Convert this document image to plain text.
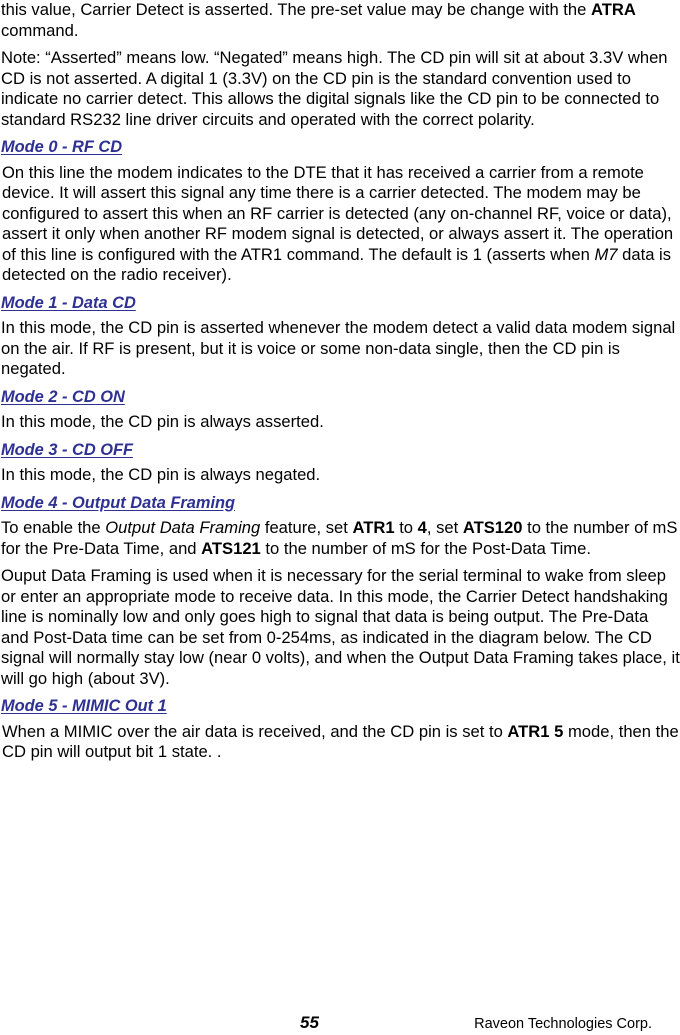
this value, Carrier Detect is asserted. The pre-set value may be change with the ATRA command.
Note: “Asserted” means low. “Negated” means high. The CD pin will sit at about 3.3V when CD is not asserted. A digital 1 (3.3V) on the CD pin is the standard convention used to indicate no carrier detect. This allows the digital signals like the CD pin to be connected to standard RS232 line driver circuits and operated with the correct polarity.
Mode 0 - RF CD
On this line the modem indicates to the DTE that it has received a carrier from a remote device. It will assert this signal any time there is a carrier detected. The modem may be configured to assert this when an RF carrier is detected (any on-channel RF, voice or data), assert it only when another RF modem signal is detected, or always assert it. The operation of this line is configured with the ATR1 command. The default is 1 (asserts when M7 data is detected on the radio receiver).
Mode 1 - Data CD
In this mode, the CD pin is asserted whenever the modem detect a valid data modem signal on the air. If RF is present, but it is voice or some non-data single, then the CD pin is negated.
Mode 2 - CD ON
In this mode, the CD pin is always asserted.
Mode 3 - CD OFF
In this mode, the CD pin is always negated.
Mode 4 - Output Data Framing
To enable the Output Data Framing feature, set ATR1 to 4, set ATS120 to the number of mS for the Pre-Data Time, and ATS121 to the number of mS for the Post-Data Time.
Ouput Data Framing is used when it is necessary for the serial terminal to wake from sleep or enter an appropriate mode to receive data. In this mode, the Carrier Detect handshaking line is nominally low and only goes high to signal that data is being output. The Pre-Data and Post-Data time can be set from 0-254ms, as indicated in the diagram below. The CD signal will normally stay low (near 0 volts), and when the Output Data Framing takes place, it will go high (about 3V).
Mode 5 - MIMIC Out 1
When a MIMIC over the air data is received, and the CD pin is set to ATR1 5 mode, then the CD pin will output bit 1 state. .
55	Raveon Technologies Corp.
